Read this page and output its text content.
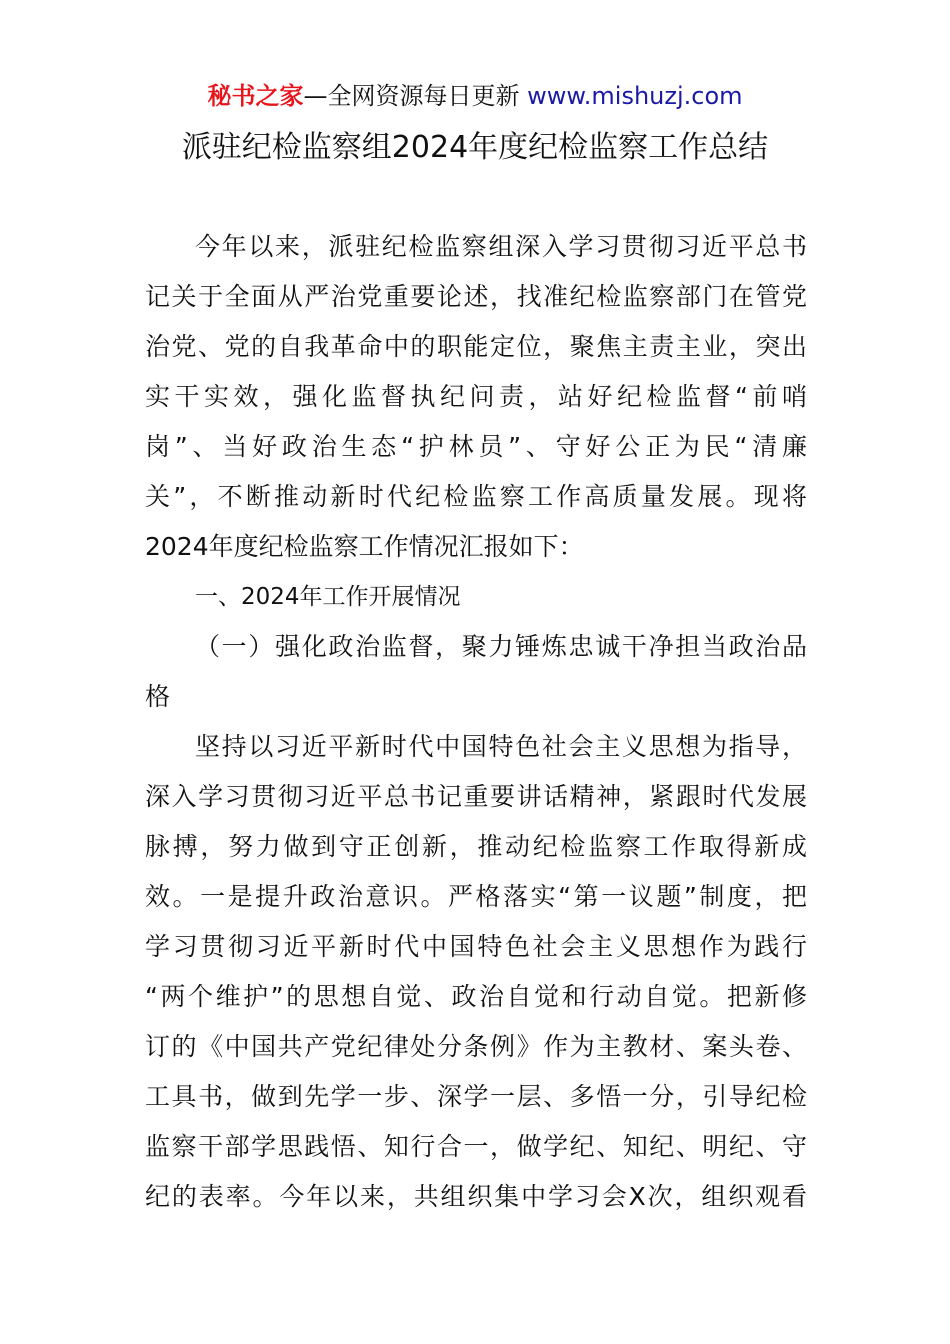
秘书之家—全网资源每日更新 www.mishuzj.com
派驻纪检监察组2024年度纪检监察工作总结
今年以来，派驻纪检监察组深入学习贯彻习近平总书
记关于全面从严治党重要论述，找准纪检监察部门在管党
治党、党的自我革命中的职能定位，聚焦主责主业，突出
实干实效，强化监督执纪问责，站好纪检监督“前哨
岗”、当好政治生态“护林员”、守好公正为民“清廉
关”，不断推动新时代纪检监察工作高质量发展。现将
2024年度纪检监察工作情况汇报如下：
一、2024年工作开展情况
（一）强化政治监督，聚力锤炼忠诚干净担当政治品
格
坚持以习近平新时代中国特色社会主义思想为指导，
深入学习贯彻习近平总书记重要讲话精神，紧跟时代发展
脉搏，努力做到守正创新，推动纪检监察工作取得新成
效。一是提升政治意识。严格落实“第一议题”制度，把
学习贯彻习近平新时代中国特色社会主义思想作为践行
“两个维护”的思想自觉、政治自觉和行动自觉。把新修
订的《中国共产党纪律处分条例》作为主教材、案头卷、
工具书，做到先学一步、深学一层、多悟一分，引导纪检
监察干部学思践悟、知行合一，做学纪、知纪、明纪、守
纪的表率。今年以来，共组织集中学习会X次，组织观看
